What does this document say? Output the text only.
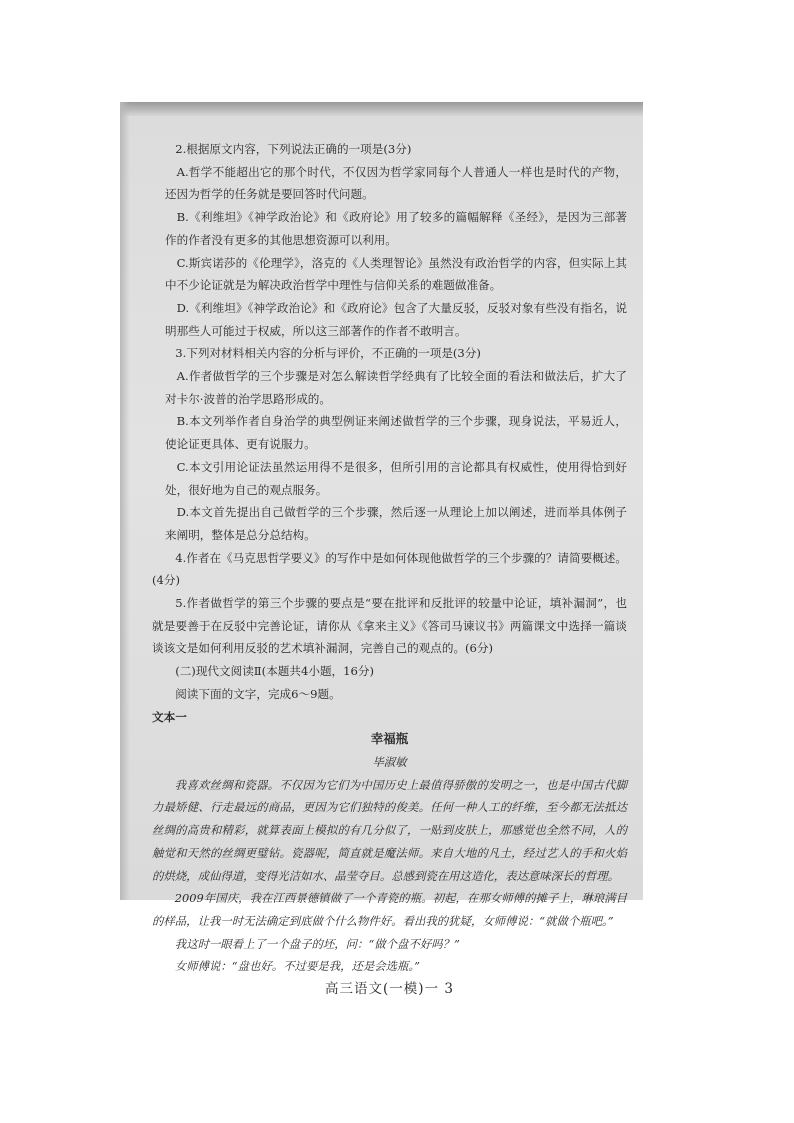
2.根据原文内容，下列说法正确的一项是(3分)

A.哲学不能超出它的那个时代，不仅因为哲学家同每个人普通人一样也是时代的产物，还因为哲学的任务就是要回答时代问题。

B.《利维坦》《神学政治论》和《政府论》用了较多的篇幅解释《圣经》，是因为三部著作的作者没有更多的其他思想资源可以利用。

C.斯宾诺莎的《伦理学》，洛克的《人类理智论》虽然没有政治哲学的内容，但实际上其中不少论证就是为解决政治哲学中理性与信仰关系的难题做准备。

D.《利维坦》《神学政治论》和《政府论》包含了大量反驳，反驳对象有些没有指名，说明那些人可能过于权威，所以这三部著作的作者不敢明言。

3.下列对材料相关内容的分析与评价，不正确的一项是(3分)

A.作者做哲学的三个步骤是对怎么解读哲学经典有了比较全面的看法和做法后，扩大了对卡尔·波普的治学思路形成的。

B.本文列举作者自身治学的典型例证来阐述做哲学的三个步骤，现身说法，平易近人，使论证更具体、更有说服力。

C.本文引用论证法虽然运用得不是很多，但所引用的言论都具有权威性，使用得恰到好处，很好地为自己的观点服务。

D.本文首先提出自己做哲学的三个步骤，然后逐一从理论上加以阐述，进而举具体例子来阐明，整体是总分总结构。

4.作者在《马克思哲学要义》的写作中是如何体现他做哲学的三个步骤的？请简要概述。(4分)

5.作者做哲学的第三个步骤的要点是“要在批评和反批评的较量中论证，填补漏洞”，也就是要善于在反驳中完善论证，请你从《拿来主义》《答司马谏议书》两篇课文中选择一篇谈谈该文是如何利用反驳的艺术填补漏洞，完善自己的观点的。(6分)

(二)现代文阅读Ⅱ(本题共4小题，16分)

阅读下面的文字，完成6～9题。

文本一

幸福瓶

毕淑敏

我喜欢丝绸和瓷器。不仅因为它们为中国历史上最值得骄傲的发明之一，也是中国古代脚力最矫健、行走最远的商品，更因为它们独特的俊美。任何一种人工的纤维，至今都无法抵达丝绸的高贵和精彩，就算表面上模拟的有几分似了，一贴到皮肤上，那感觉也全然不同，人的触觉和天然的丝绸更璧钻。瓷器呢，简直就是魔法师。来自大地的凡土，经过艺人的手和火焰的烘烧，成仙得道，变得光洁如水、晶莹夺目。总感到瓷在用这造化，表达意味深长的哲理。

2009年国庆，我在江西景德镇做了一个青瓷的瓶。初起，在那女师傅的摊子上，琳琅满目的样品，让我一时无法确定到底做个什么物件好。看出我的犹疑，女师傅说：“就做个瓶吧。”

我这时一眼看上了一个盘子的坯，问：“做个盘不好吗？”

女师傅说：“盘也好。不过要是我，还是会选瓶。”

高三语文(一模)一 3
